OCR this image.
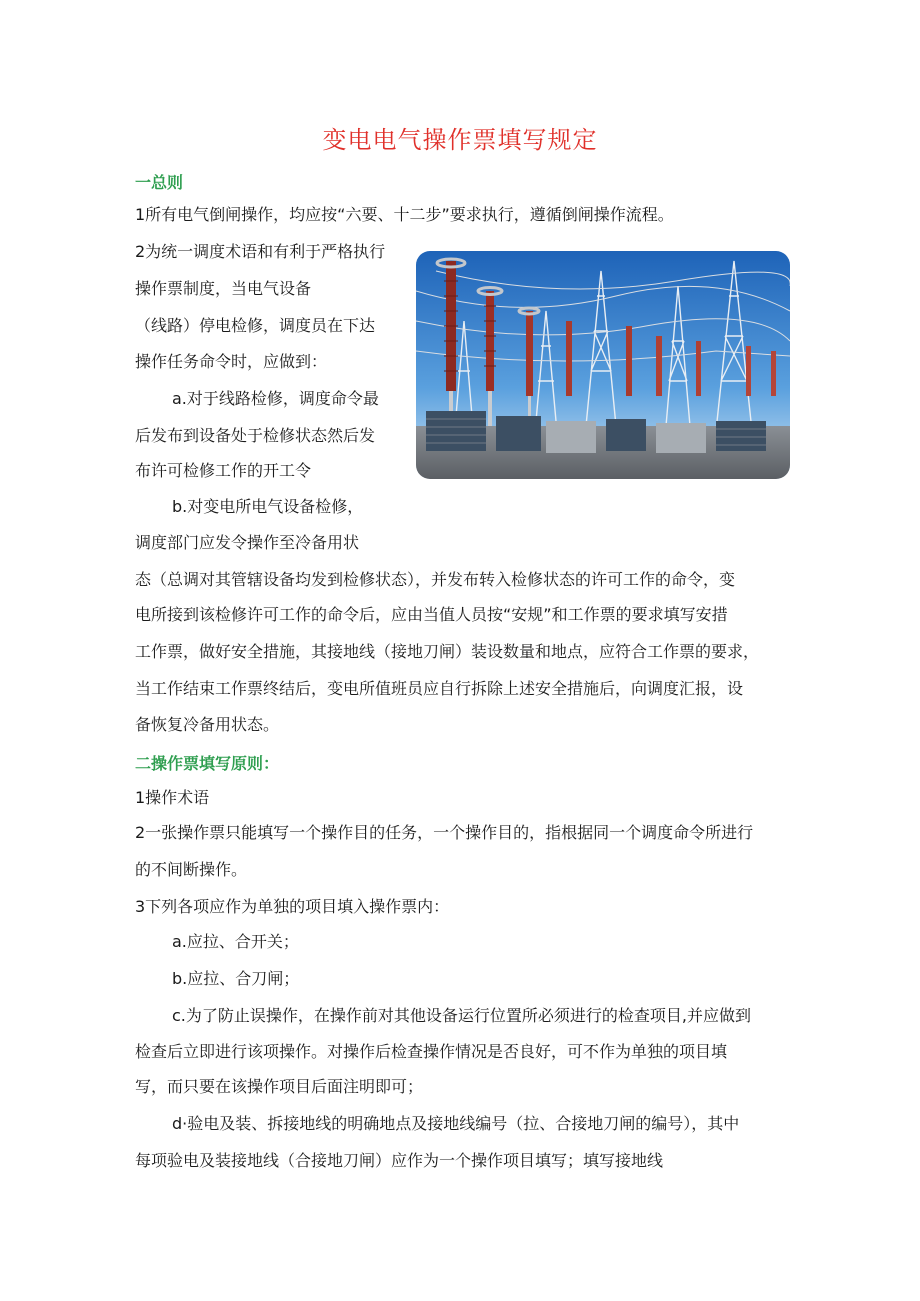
变电电气操作票填写规定
一总则
1所有电气倒闸操作，均应按“六要、十二步”要求执行，遵循倒闸操作流程。
2为统一调度术语和有利于严格执行
操作票制度，当电气设备
（线路）停电检修，调度员在下达
操作任务命令时，应做到：
a.对于线路检修，调度命令最
后发布到设备处于检修状态然后发
布许可检修工作的开工令
b.对变电所电气设备检修，
调度部门应发令操作至冷备用状
态（总调对其管辖设备均发到检修状态），并发布转入检修状态的许可工作的命令，变
电所接到该检修许可工作的命令后，应由当值人员按“安规”和工作票的要求填写安措
工作票，做好安全措施，其接地线（接地刀闸）装设数量和地点，应符合工作票的要求，
当工作结束工作票终结后，变电所值班员应自行拆除上述安全措施后，向调度汇报，设
备恢复冷备用状态。
二操作票填写原则：
1操作术语
2一张操作票只能填写一个操作目的任务，一个操作目的，指根据同一个调度命令所进行
的不间断操作。
3下列各项应作为单独的项目填入操作票内：
a.应拉、合开关；
b.应拉、合刀闸；
c.为了防止误操作，在操作前对其他设备运行位置所必须进行的检查项目,并应做到
检查后立即进行该项操作。对操作后检查操作情况是否良好，可不作为单独的项目填
写，而只要在该操作项目后面注明即可；
d·验电及装、拆接地线的明确地点及接地线编号（拉、合接地刀闸的编号），其中
每项验电及装接地线（合接地刀闸）应作为一个操作项目填写；填写接地线
